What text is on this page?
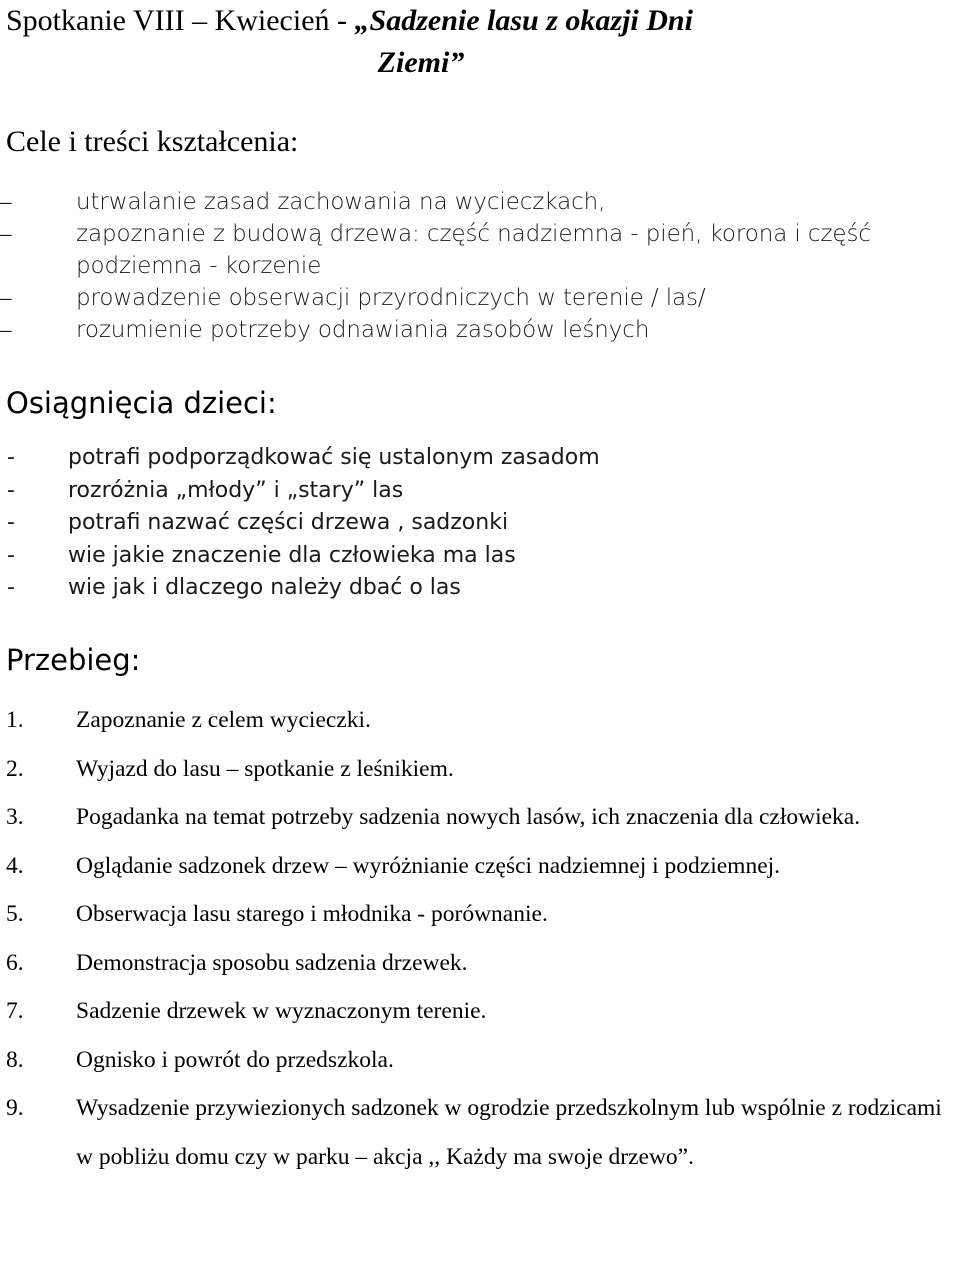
Spotkanie VIII – Kwiecień - „Sadzenie lasu z okazji Dni
Ziemi”
Cele i treści kształcenia:
–	utrwalanie zasad zachowania na wycieczkach,
–	zapoznanie z budową drzewa: część nadziemna - pień, korona i część
podziemna - korzenie
–	prowadzenie obserwacji przyrodniczych w terenie / las/
–	rozumienie potrzeby odnawiania zasobów leśnych
Osiągnięcia dzieci:
- potrafi podporządkować się ustalonym zasadom
- rozróżnia „młody” i „stary” las
- potrafi nazwać części drzewa , sadzonki
- wie jakie znaczenie dla człowieka ma las
- wie jak i dlaczego należy dbać o las
Przebieg:
1. Zapoznanie z celem wycieczki.
2. Wyjazd do lasu – spotkanie z leśnikiem.
3. Pogadanka na temat potrzeby sadzenia nowych lasów, ich znaczenia dla człowieka.
4. Oglądanie sadzonek drzew – wyróżnianie części nadziemnej i podziemnej.
5. Obserwacja lasu starego i młodnika - porównanie.
6. Demonstracja sposobu sadzenia drzewek.
7. Sadzenie drzewek w wyznaczonym terenie.
8. Ognisko i powrót do przedszkola.
9. Wysadzenie przywiezionych sadzonek w ogrodzie przedszkolnym lub wspólnie z rodzicami w pobliżu domu czy w parku – akcja ,, Każdy ma swoje drzewo”.
